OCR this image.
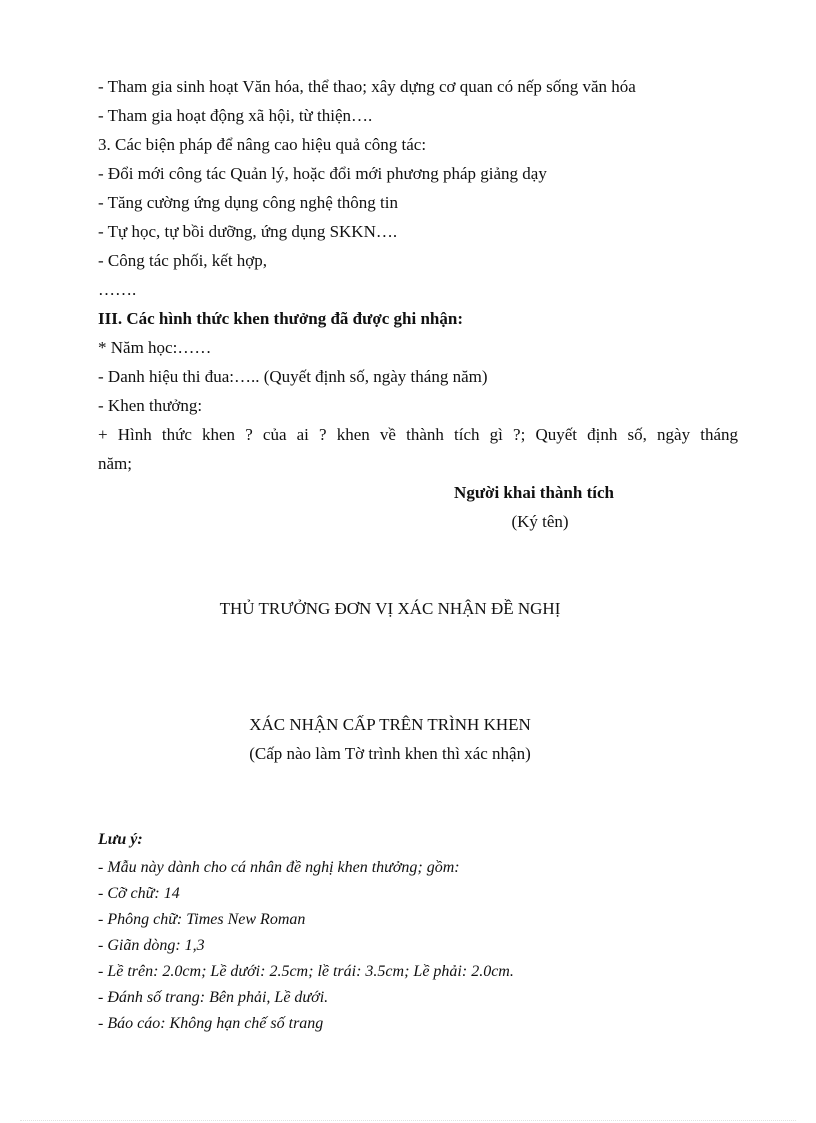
- Tham gia sinh hoạt Văn hóa, thể thao; xây dựng cơ quan có nếp sống văn hóa
- Tham gia hoạt động xã hội, từ thiện….
3. Các biện pháp để nâng cao hiệu quả công tác:
- Đổi mới công tác Quản lý, hoặc đổi mới phương pháp giảng dạy
- Tăng cường ứng dụng công nghệ thông tin
- Tự học, tự bồi dưỡng, ứng dụng SKKN….
- Công tác phối, kết hợp,
…….
III. Các hình thức khen thưởng đã được ghi nhận:
* Năm học:……
- Danh hiệu thi đua:….. (Quyết định số, ngày tháng năm)
- Khen thưởng:
+ Hình thức khen ? của ai ? khen về thành tích gì ?; Quyết định số, ngày tháng
năm;
Người khai thành tích
(Ký tên)
THỦ TRƯỞNG ĐƠN VỊ XÁC NHẬN ĐỀ NGHỊ
XÁC NHẬN CẤP TRÊN TRÌNH KHEN
(Cấp nào làm Tờ trình khen thì xác nhận)
Lưu ý:
- Mẫu này dành cho cá nhân đề nghị khen thưởng; gồm:
- Cỡ chữ: 14
- Phông chữ: Times New Roman
- Giãn dòng: 1,3
- Lề trên: 2.0cm; Lề dưới: 2.5cm; lề trái: 3.5cm; Lề phải: 2.0cm.
- Đánh số trang: Bên phải, Lề dưới.
- Báo cáo: Không hạn chế số trang
